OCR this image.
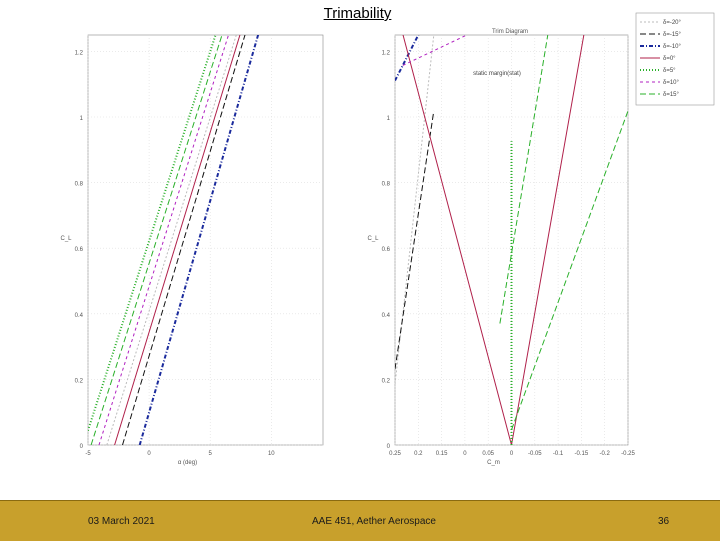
Trimability
0
0.2
0.4
0.6
0.8
1
1.2
-5	0	5	10
α (deg)
C_L
0
0.2
0.4
0.6
0.8
1
1.2
0.25 0.2 0.15	0	0.05	0 -0.05 -0.1 -0.15 -0.2 -0.25
C_m
C_L
Trim Diagram
static margin(stat)
δ=-20°
δ=-15°
δ=-10°
δ=0°
δ=5°
δ=10°
δ=15°
03 March 2021	AAE 451, Aether Aerospace	36
